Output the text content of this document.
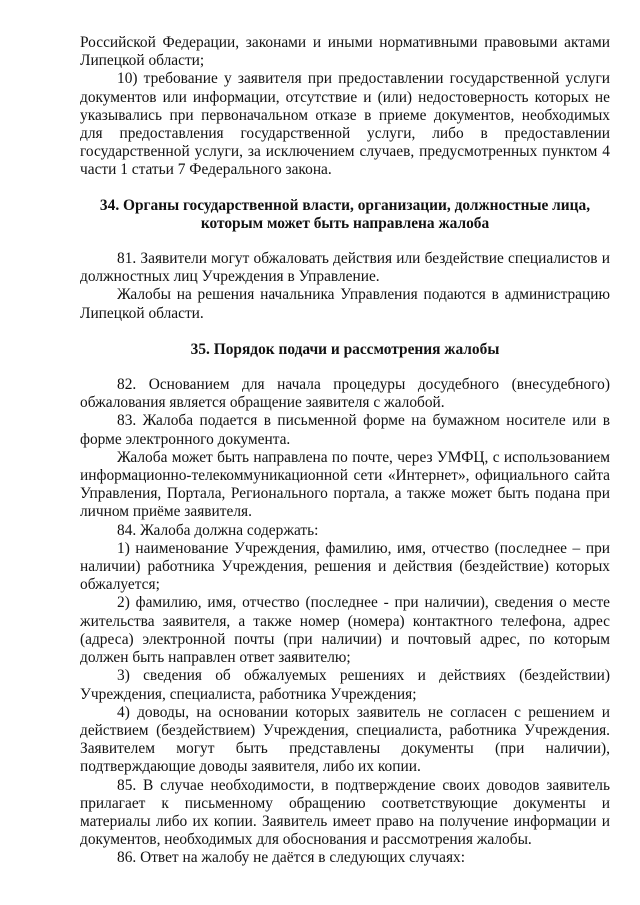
Российской Федерации, законами и иными нормативными правовыми актами Липецкой области;

10) требование у заявителя при предоставлении государственной услуги документов или информации, отсутствие и (или) недостоверность которых не указывались при первоначальном отказе в приеме документов, необходимых для предоставления государственной услуги, либо в предоставлении государственной услуги, за исключением случаев, предусмотренных пунктом 4 части 1 статьи 7 Федерального закона.

34. Органы государственной власти, организации, должностные лица, которым может быть направлена жалоба

81. Заявители могут обжаловать действия или бездействие специалистов и должностных лиц Учреждения в Управление.

Жалобы на решения начальника Управления подаются в администрацию Липецкой области.

35. Порядок подачи и рассмотрения жалобы

82. Основанием для начала процедуры досудебного (внесудебного) обжалования является обращение заявителя с жалобой.

83. Жалоба подается в письменной форме на бумажном носителе или в форме электронного документа.

Жалоба может быть направлена по почте, через УМФЦ, с использованием информационно-телекоммуникационной сети «Интернет», официального сайта Управления, Портала, Регионального портала, а также может быть подана при личном приёме заявителя.

84. Жалоба должна содержать:

1) наименование Учреждения, фамилию, имя, отчество (последнее – при наличии) работника Учреждения, решения и действия (бездействие) которых обжалуется;

2) фамилию, имя, отчество (последнее - при наличии), сведения о месте жительства заявителя, а также номер (номера) контактного телефона, адрес (адреса) электронной почты (при наличии) и почтовый адрес, по которым должен быть направлен ответ заявителю;

3) сведения об обжалуемых решениях и действиях (бездействии) Учреждения, специалиста, работника Учреждения;

4) доводы, на основании которых заявитель не согласен с решением и действием (бездействием) Учреждения, специалиста, работника Учреждения. Заявителем могут быть представлены документы (при наличии), подтверждающие доводы заявителя, либо их копии.

85. В случае необходимости, в подтверждение своих доводов заявитель прилагает к письменному обращению соответствующие документы и материалы либо их копии. Заявитель имеет право на получение информации и документов, необходимых для обоснования и рассмотрения жалобы.

86. Ответ на жалобу не даётся в следующих случаях:
